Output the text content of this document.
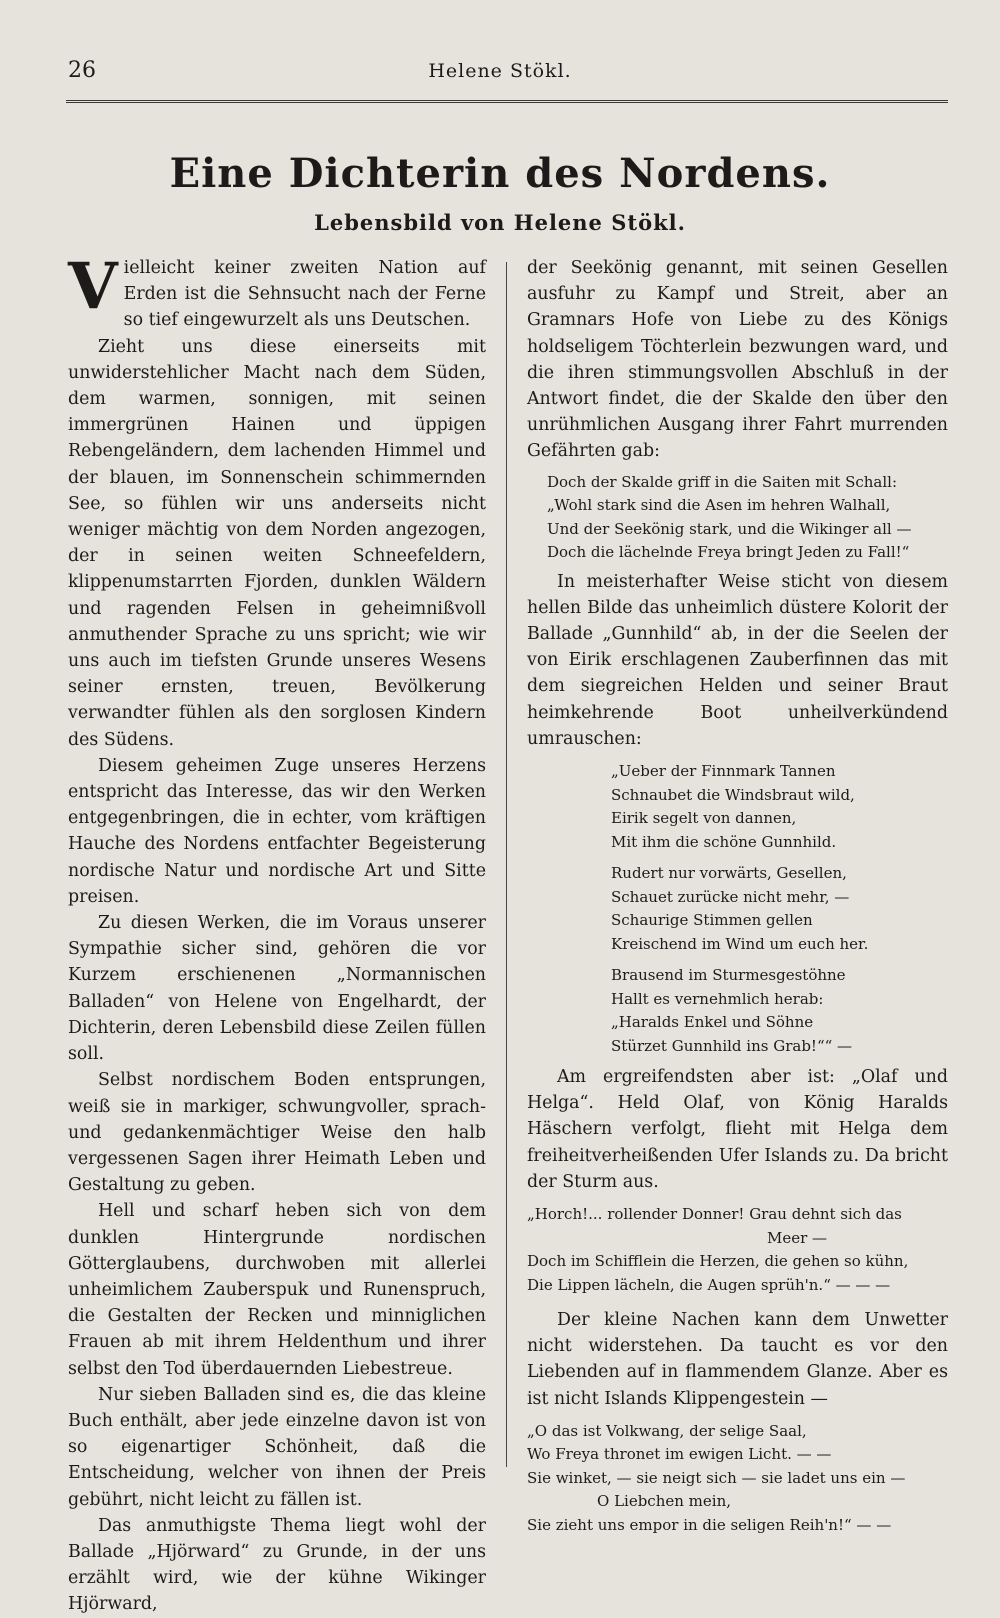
26	Helene Stökl.
Eine Dichterin des Nordens.
Lebensbild von Helene Stökl.

Vielleicht keiner zweiten Nation auf Erden ist die Sehnsucht nach der Ferne so tief eingewurzelt als uns Deutschen.

Zieht uns diese einerseits mit unwiderstehlicher Macht nach dem Süden, dem warmen, sonnigen, mit seinen immergrünen Hainen und üppigen Rebengeländern, dem lachenden Himmel und der blauen, im Sonnenschein schimmernden See, so fühlen wir uns anderseits nicht weniger mächtig von dem Norden angezogen, der in seinen weiten Schneefeldern, klippenumstarrten Fjorden, dunklen Wäldern und ragenden Felsen in geheimnißvoll anmuthender Sprache zu uns spricht; wie wir uns auch im tiefsten Grunde unseres Wesens seiner ernsten, treuen, Bevölkerung verwandter fühlen als den sorglosen Kindern des Südens.

Diesem geheimen Zuge unseres Herzens entspricht das Interesse, das wir den Werken entgegenbringen, die in echter, vom kräftigen Hauche des Nordens entfachter Begeisterung nordische Natur und nordische Art und Sitte preisen.

Zu diesen Werken, die im Voraus unserer Sympathie sicher sind, gehören die vor Kurzem erschienenen „Normannischen Balladen“ von Helene von Engelhardt, der Dichterin, deren Lebensbild diese Zeilen füllen soll.

Selbst nordischem Boden entsprungen, weiß sie in markiger, schwungvoller, sprach- und gedankenmächtiger Weise den halb vergessenen Sagen ihrer Heimath Leben und Gestaltung zu geben.

Hell und scharf heben sich von dem dunklen Hintergrunde nordischen Götterglaubens, durchwoben mit allerlei unheimlichem Zauberspuk und Runenspruch, die Gestalten der Recken und minniglichen Frauen ab mit ihrem Heldenthum und ihrer selbst den Tod überdauernden Liebestreue.

Nur sieben Balladen sind es, die das kleine Buch enthält, aber jede einzelne davon ist von so eigenartiger Schönheit, daß die Entscheidung, welcher von ihnen der Preis gebührt, nicht leicht zu fällen ist.

Das anmuthigste Thema liegt wohl der Ballade „Hjörward“ zu Grunde, in der uns erzählt wird, wie der kühne Wikinger Hjörward,

der Seekönig genannt, mit seinen Gesellen ausfuhr zu Kampf und Streit, aber an Gramnars Hofe von Liebe zu des Königs holdseligem Töchterlein bezwungen ward, und die ihren stimmungsvollen Abschluß in der Antwort findet, die der Skalde den über den unrühmlichen Ausgang ihrer Fahrt murrenden Gefährten gab:

Doch der Skalde griff in die Saiten mit Schall:
„Wohl stark sind die Asen im hehren Walhall,
Und der Seekönig stark, und die Wikinger all —
Doch die lächelnde Freya bringt Jeden zu Fall!“

In meisterhafter Weise sticht von diesem hellen Bilde das unheimlich düstere Kolorit der Ballade „Gunnhild“ ab, in der die Seelen der von Eirik erschlagenen Zauberfinnen das mit dem siegreichen Helden und seiner Braut heimkehrende Boot unheilverkündend umrauschen:

„Ueber der Finnmark Tannen
Schnaubet die Windsbraut wild,
Eirik segelt von dannen,
Mit ihm die schöne Gunnhild.
Rudert nur vorwärts, Gesellen,
Schauet zurücke nicht mehr, —
Schaurige Stimmen gellen
Kreischend im Wind um euch her.
Brausend im Sturmesgestöhne
Hallt es vernehmlich herab:
„Haralds Enkel und Söhne
Stürzet Gunnhild ins Grab!““ —

Am ergreifendsten aber ist: „Olaf und Helga“. Held Olaf, von König Haralds Häschern verfolgt, flieht mit Helga dem freiheitverheißenden Ufer Islands zu. Da bricht der Sturm aus.

„Horch!... rollender Donner! Grau dehnt sich das
Meer —
Doch im Schifflein die Herzen, die gehen so kühn,
Die Lippen lächeln, die Augen sprüh'n.“ — — —

Der kleine Nachen kann dem Unwetter nicht widerstehen. Da taucht es vor den Liebenden auf in flammendem Glanze. Aber es ist nicht Islands Klippengestein —

„O das ist Volkwang, der selige Saal,
Wo Freya thronet im ewigen Licht. — —
Sie winket, — sie neigt sich — sie ladet uns ein —
O Liebchen mein,
Sie zieht uns empor in die seligen Reih'n!“ — —
